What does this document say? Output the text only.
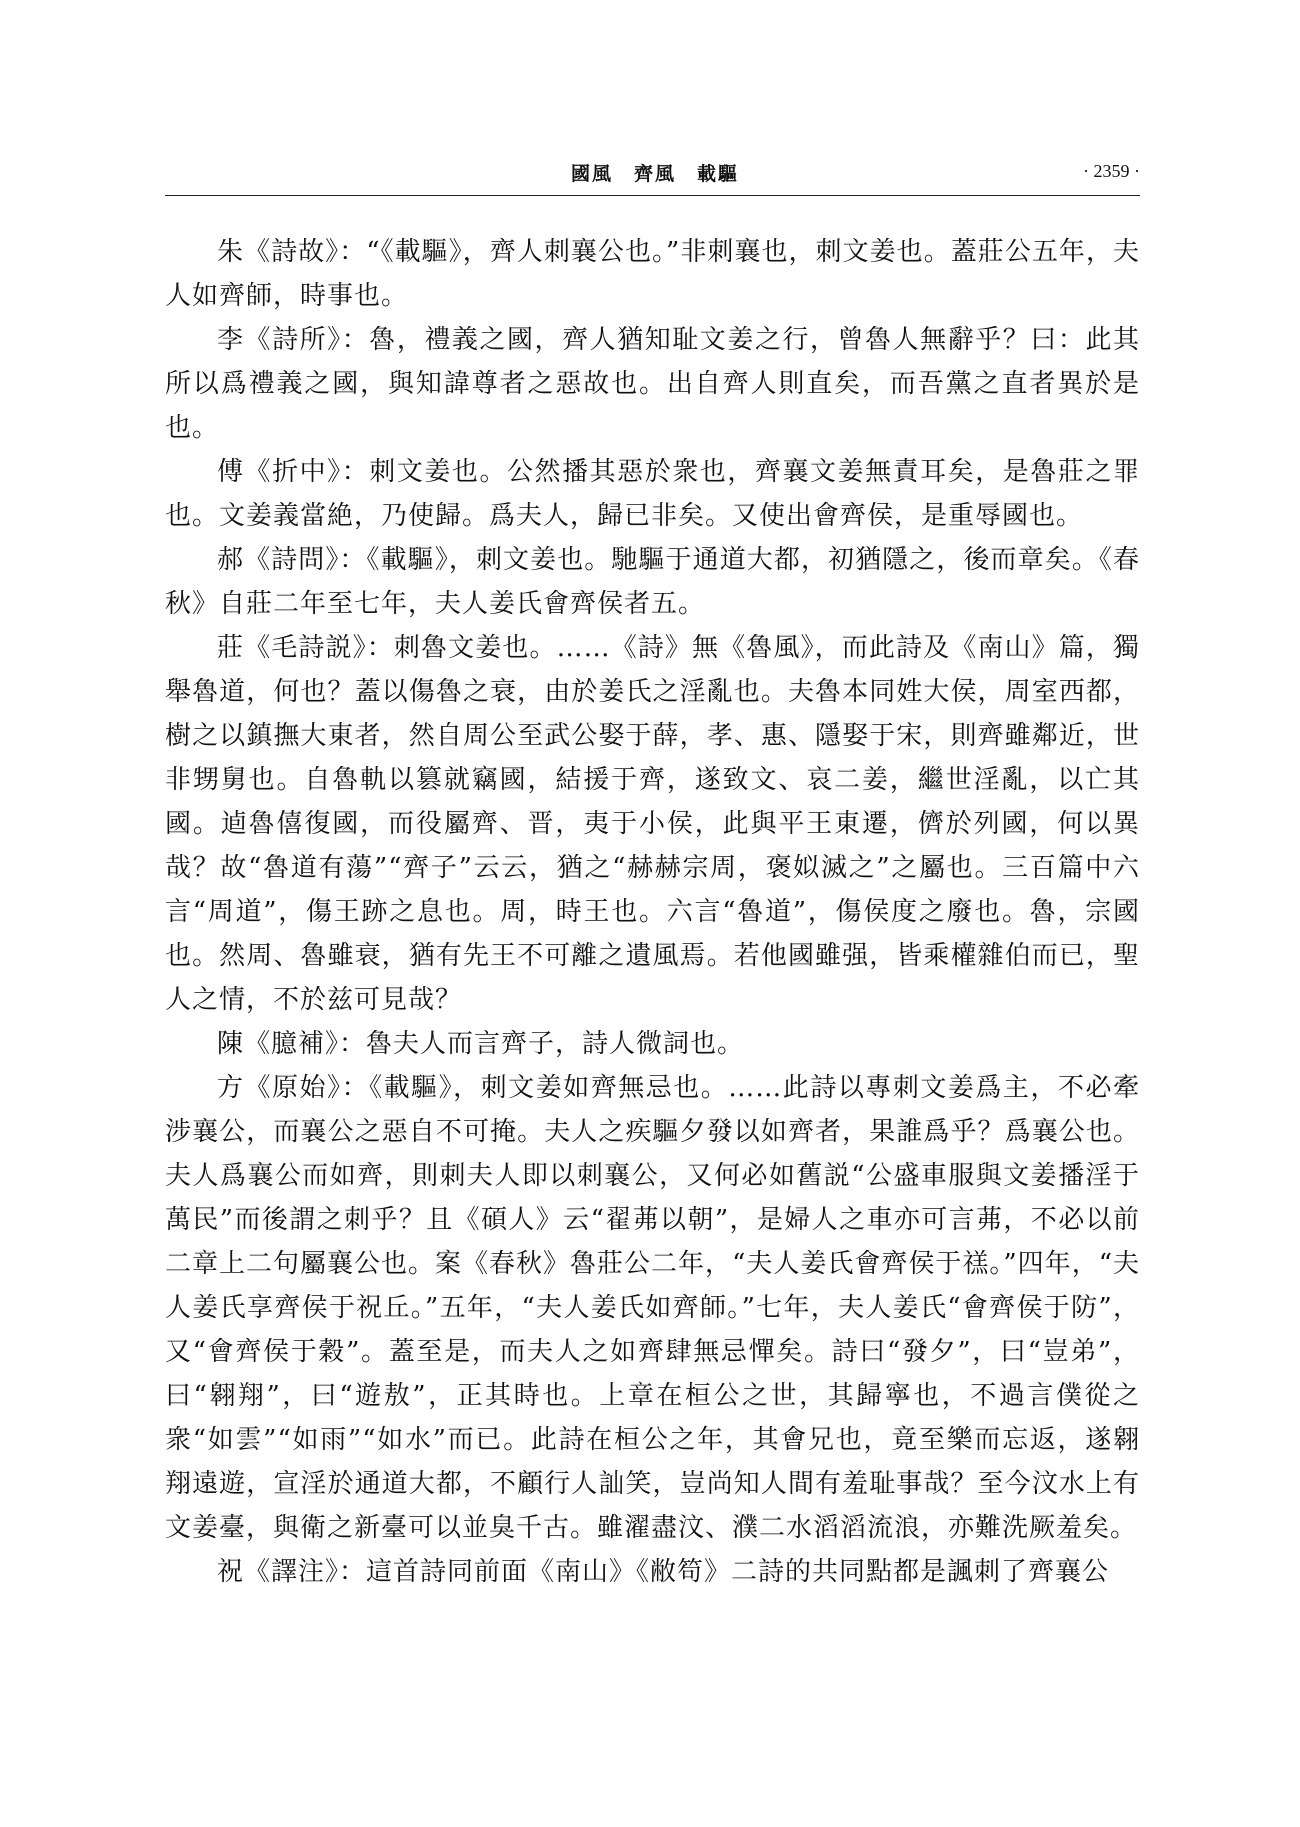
國風　齊風　載驅	· 2359 ·

朱《詩故》：“《載驅》，齊人刺襄公也。”非刺襄也，刺文姜也。蓋莊公五年，夫人如齊師，時事也。

李《詩所》：魯，禮義之國，齊人猶知耻文姜之行，曾魯人無辭乎？曰：此其所以爲禮義之國，與知諱尊者之惡故也。出自齊人則直矣，而吾黨之直者異於是也。

傅《折中》：刺文姜也。公然播其惡於衆也，齊襄文姜無責耳矣，是魯莊之罪也。文姜義當絶，乃使歸。爲夫人，歸已非矣。又使出會齊侯，是重辱國也。

郝《詩問》：《載驅》，刺文姜也。馳驅于通道大都，初猶隱之，後而章矣。《春秋》自莊二年至七年，夫人姜氏會齊侯者五。

莊《毛詩説》：刺魯文姜也。……《詩》無《魯風》，而此詩及《南山》篇，獨舉魯道，何也？蓋以傷魯之衰，由於姜氏之淫亂也。夫魯本同姓大侯，周室西都，樹之以鎮撫大東者，然自周公至武公娶于薛，孝、惠、隱娶于宋，則齊雖鄰近，世非甥舅也。自魯軌以篡就竊國，結援于齊，遂致文、哀二姜，繼世淫亂，以亡其國。逌魯僖復國，而役屬齊、晋，夷于小侯，此與平王東遷，儕於列國，何以異哉？故“魯道有蕩”“齊子”云云，猶之“赫赫宗周，褒姒滅之”之屬也。三百篇中六言“周道”，傷王跡之息也。周，時王也。六言“魯道”，傷侯度之廢也。魯，宗國也。然周、魯雖衰，猶有先王不可離之遺風焉。若他國雖强，皆乘權雜伯而已，聖人之情，不於兹可見哉？

陳《臆補》：魯夫人而言齊子，詩人微詞也。

方《原始》：《載驅》，刺文姜如齊無忌也。……此詩以專刺文姜爲主，不必牽涉襄公，而襄公之惡自不可掩。夫人之疾驅夕發以如齊者，果誰爲乎？爲襄公也。夫人爲襄公而如齊，則刺夫人即以刺襄公，又何必如舊説“公盛車服與文姜播淫于萬民”而後謂之刺乎？且《碩人》云“翟茀以朝”，是婦人之車亦可言茀，不必以前二章上二句屬襄公也。案《春秋》魯莊公二年，“夫人姜氏會齊侯于禚。”四年，“夫人姜氏享齊侯于祝丘。”五年，“夫人姜氏如齊師。”七年，夫人姜氏“會齊侯于防”，又“會齊侯于穀”。蓋至是，而夫人之如齊肆無忌憚矣。詩曰“發夕”，曰“豈弟”，曰“翱翔”，曰“遊敖”，正其時也。上章在桓公之世，其歸寧也，不過言僕從之衆“如雲”“如雨”“如水”而已。此詩在桓公之年，其會兄也，竟至樂而忘返，遂翱翔遠遊，宣淫於通道大都，不顧行人訕笑，豈尚知人間有羞耻事哉？至今汶水上有文姜臺，與衛之新臺可以並臭千古。雖濯盡汶、濮二水滔滔流浪，亦難洗厥羞矣。

祝《譯注》：這首詩同前面《南山》《敝笱》二詩的共同點都是諷刺了齊襄公
